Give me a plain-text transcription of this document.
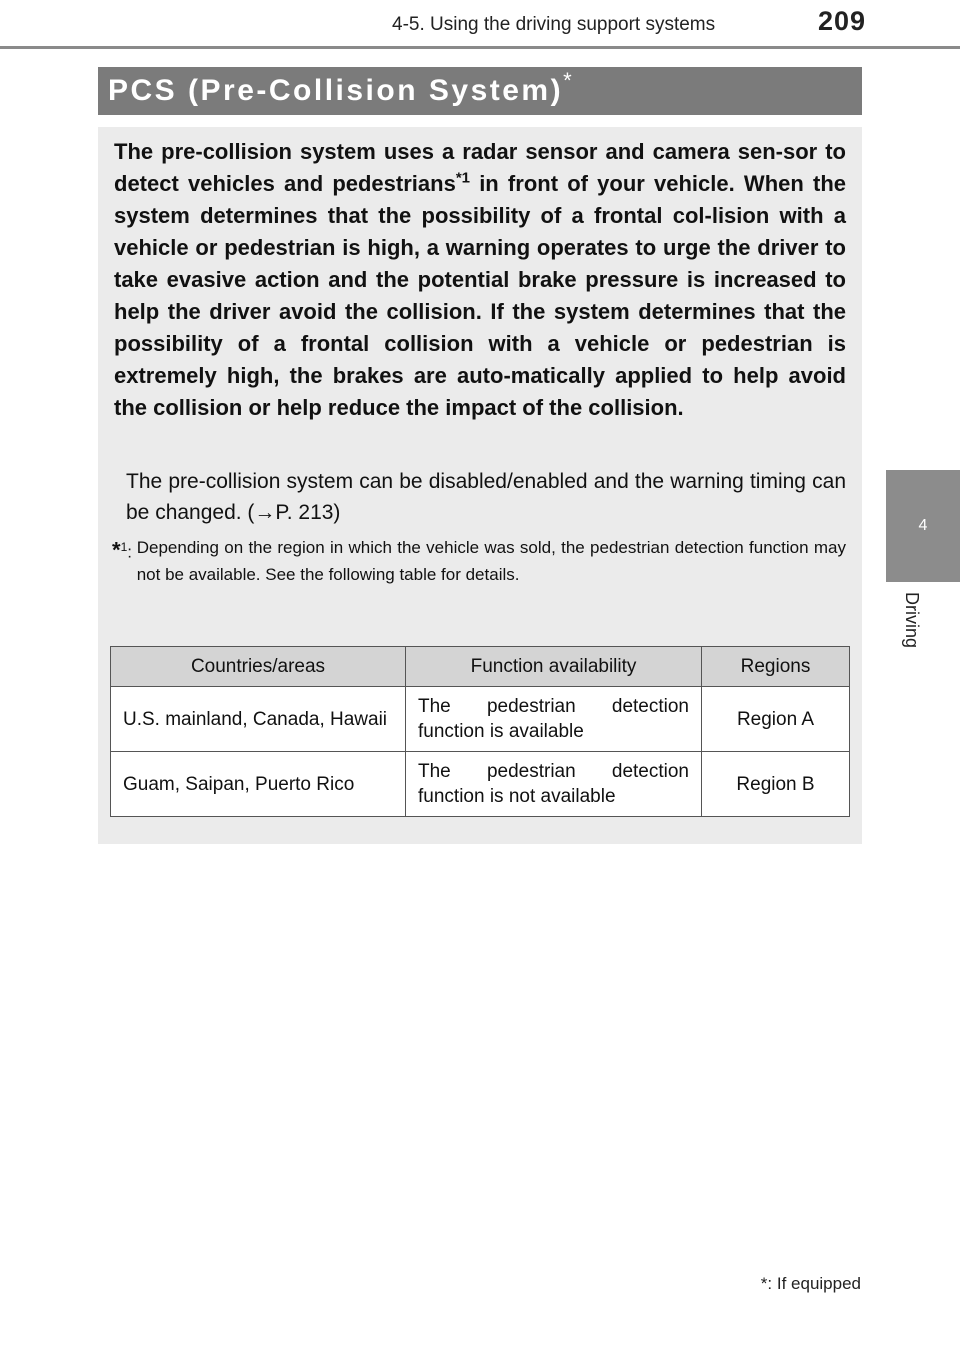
4-5. Using the driving support systems	209
4
Driving
PCS (Pre-Collision System)*

The pre-collision system uses a radar sensor and camera sen-sor to detect vehicles and pedestrians$^{*1}$ in front of your vehicle. When the system determines that the possibility of a frontal col-lision with a vehicle or pedestrian is high, a warning operates to urge the driver to take evasive action and the potential brake pressure is increased to help the driver avoid the collision. If the system determines that the possibility of a frontal collision with a vehicle or pedestrian is extremely high, the brakes are auto-matically applied to help avoid the collision or help reduce the impact of the collision.

The pre-collision system can be disabled/enabled and the warning timing can be changed. (→P. 213)

*$^1$: Depending on the region in which the vehicle was sold, the pedestrian detection function may not be available. See the following table for details.
Countries/areas	Function availability	Regions
U.S. mainland, Canada, Hawaii	The pedestrian detection function is available	Region A
Guam, Saipan, Puerto Rico	The pedestrian detection function is not available	Region B
*: If equipped
